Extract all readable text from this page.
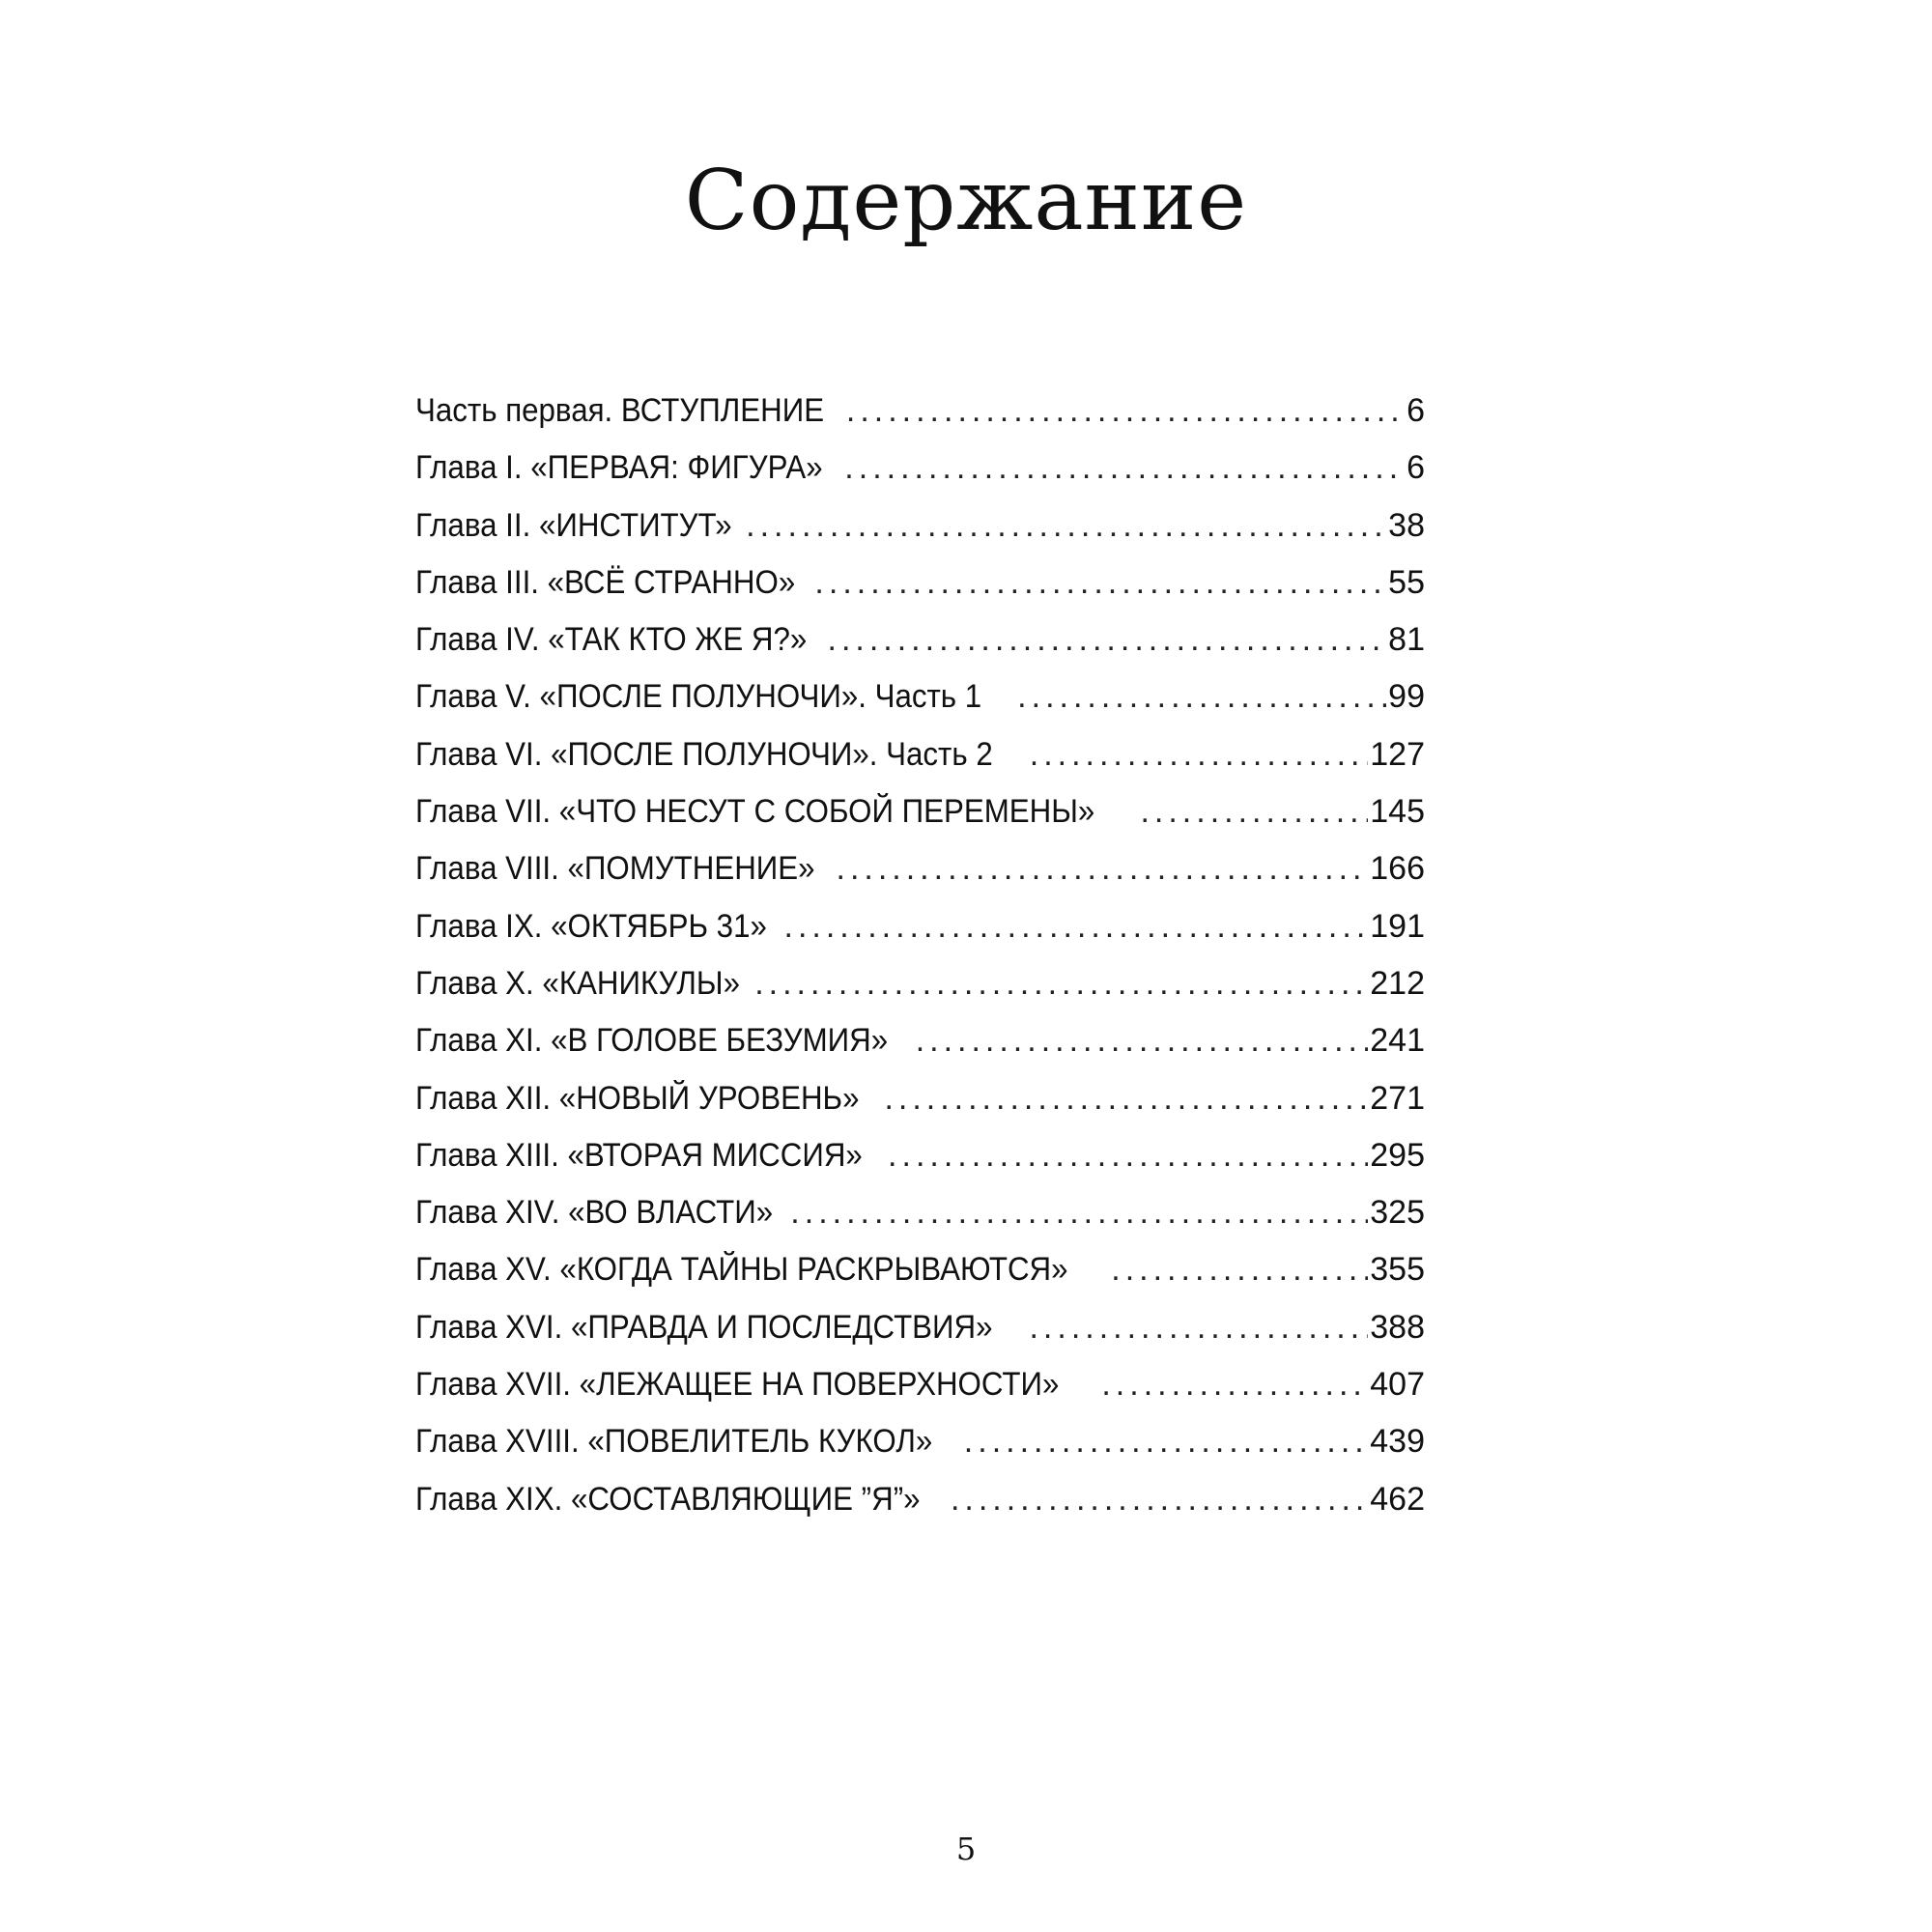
Содержание
Часть первая. ВСТУПЛЕНИЕ .....	6
Глава I. «ПЕРВАЯ: ФИГУРА» .....	6
Глава II. «ИНСТИТУТ» .....	38
Глава III. «ВСЁ СТРАННО» .....	55
Глава IV. «ТАК КТО ЖЕ Я?» .....	81
Глава V. «ПОСЛЕ ПОЛУНОЧИ». Часть 1 .....	99
Глава VI. «ПОСЛЕ ПОЛУНОЧИ». Часть 2 .....	127
Глава VII. «ЧТО НЕСУТ С СОБОЙ ПЕРЕМЕНЫ» .....	145
Глава VIII. «ПОМУТНЕНИЕ» .....	166
Глава IX. «ОКТЯБРЬ 31» .....	191
Глава X. «КАНИКУЛЫ» .....	212
Глава XI. «В ГОЛОВЕ БЕЗУМИЯ» .....	241
Глава XII. «НОВЫЙ УРОВЕНЬ» .....	271
Глава XIII. «ВТОРАЯ МИССИЯ» .....	295
Глава XIV. «ВО ВЛАСТИ» .....	325
Глава XV. «КОГДА ТАЙНЫ РАСКРЫВАЮТСЯ» .....	355
Глава XVI. «ПРАВДА И ПОСЛЕДСТВИЯ» .....	388
Глава XVII. «ЛЕЖАЩЕЕ НА ПОВЕРХНОСТИ» .....	407
Глава XVIII. «ПОВЕЛИТЕЛЬ КУКОЛ» .....	439
Глава XIX. «СОСТАВЛЯЮЩИЕ ”Я”» .....	462
5
